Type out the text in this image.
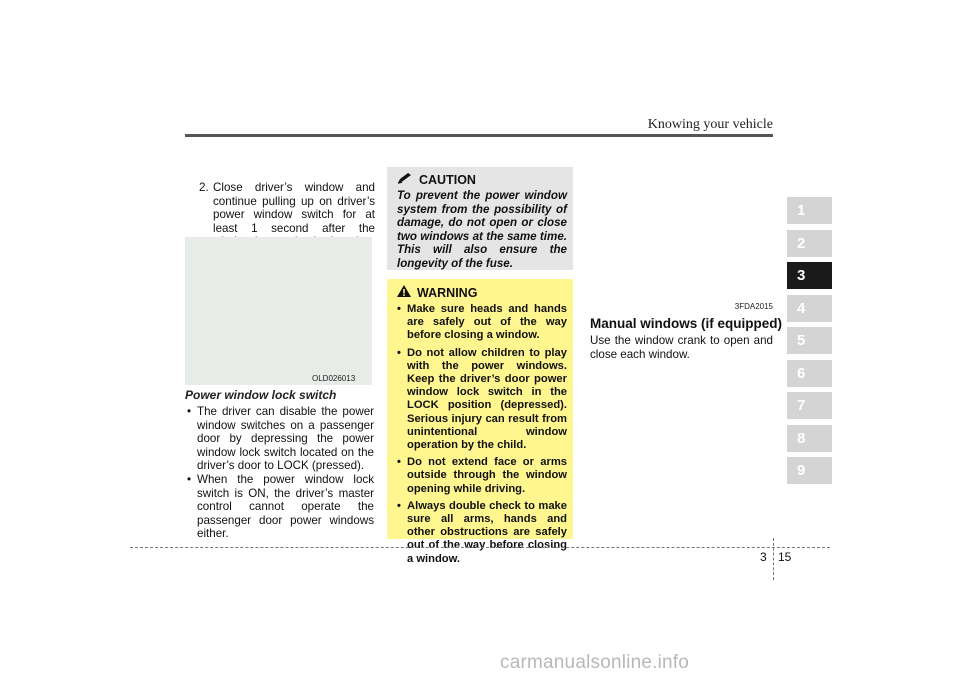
Knowing your vehicle
2. Close driver’s window and continue pulling up on driver’s power window switch for at least 1 second after the
OLD026013
Power window lock switch
• The driver can disable the power window switches on a passenger door by depressing the power window lock switch located on the driver’s door to LOCK (pressed).
• When the power window lock switch is ON, the driver’s master control cannot operate the passenger door power windows either.
CAUTION
To prevent the power window system from the possibility of damage, do not open or close two windows at the same time. This will also ensure the longevity of the fuse.
WARNING
• Make sure heads and hands are safely out of the way before closing a window.
• Do not allow children to play with the power windows. Keep the driver’s door power window lock switch in the LOCK position (depressed). Serious injury can result from unintentional window operation by the child.
• Do not extend face or arms outside through the window opening while driving.
• Always double check to make sure all arms, hands and other obstructions are safely out of the way before closing a window.
3FDA2015
Manual windows (if equipped)
Use the window crank to open and close each window.
1
2
3
4
5
6
7
8
9
3 15
carmanualsonline.info
